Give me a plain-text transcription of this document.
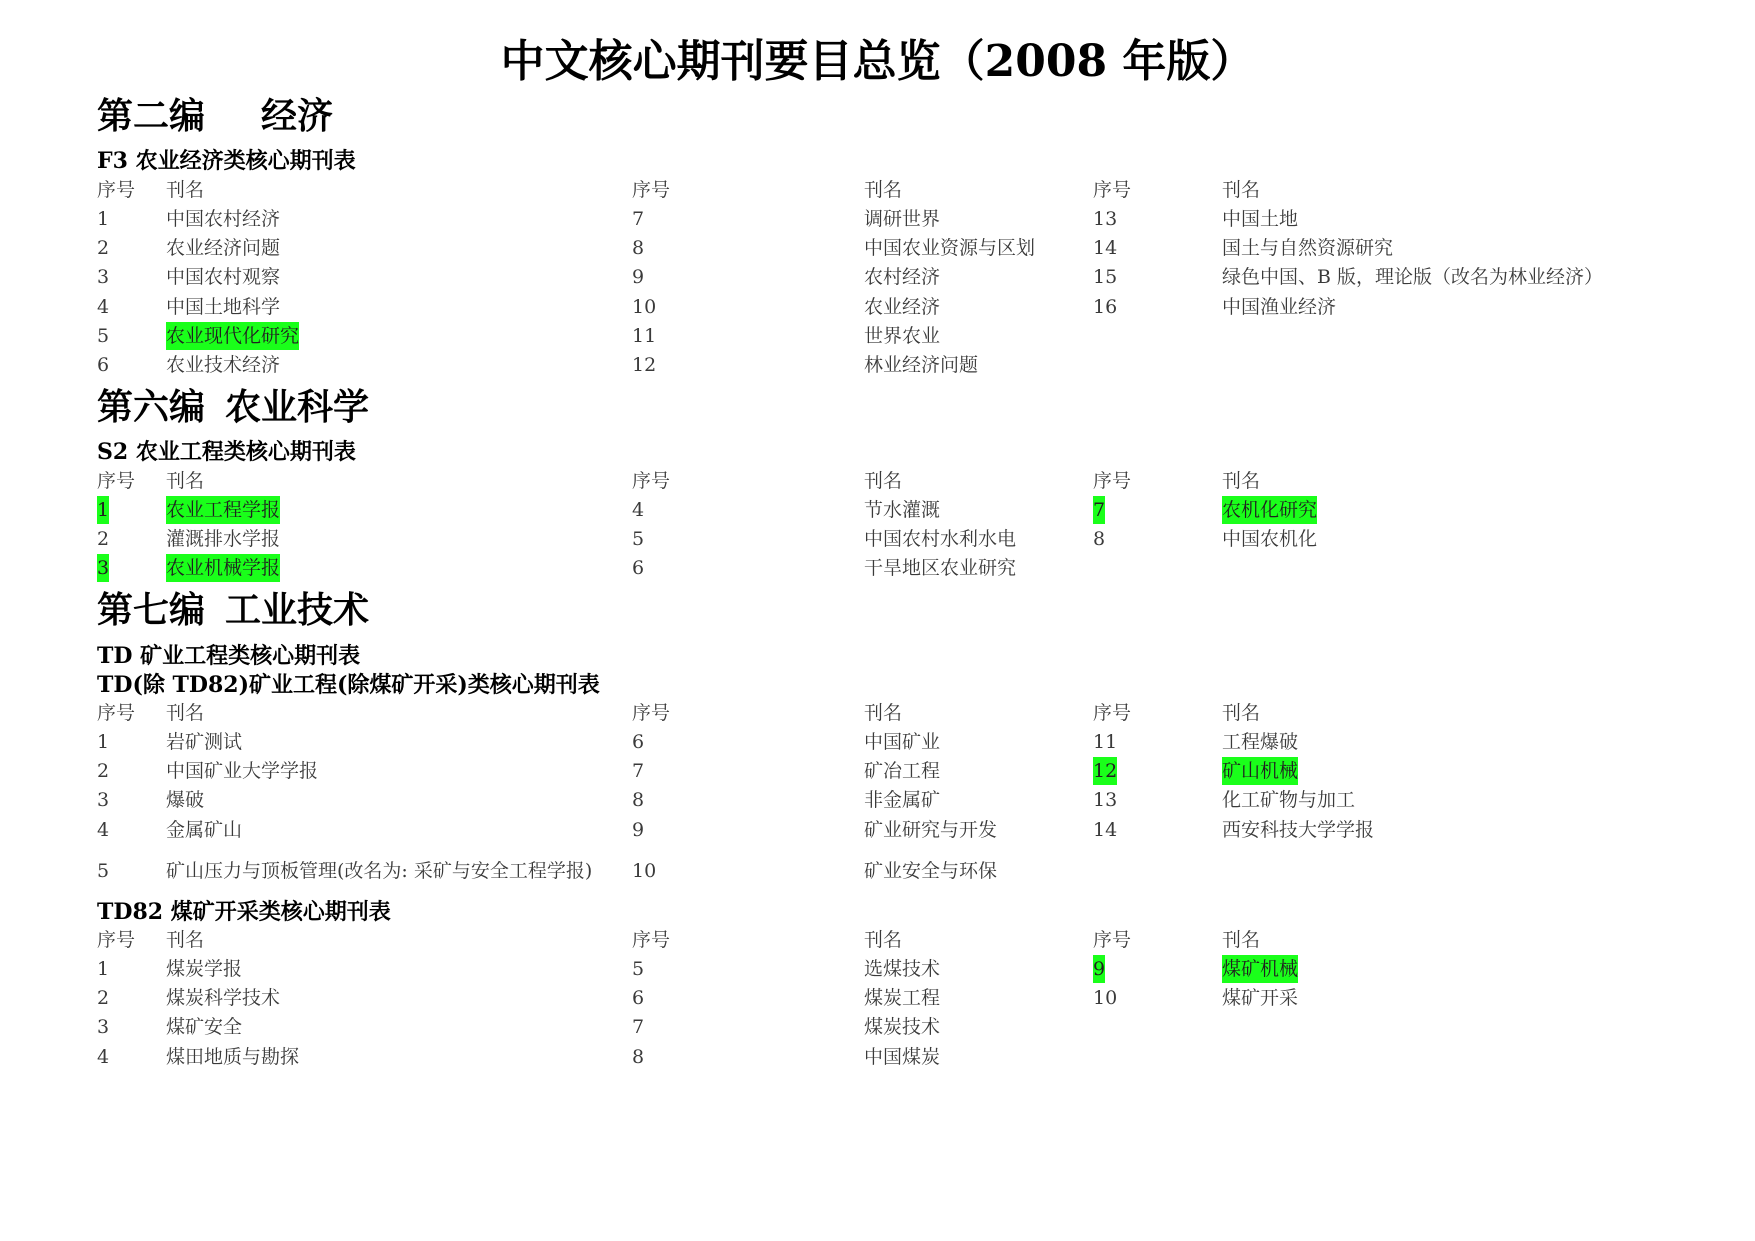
中文核心期刊要目总览（2008 年版）
第二编 经济
F3 农业经济类核心期刊表
序号 刊名	序号	刊名	序号	刊名
1	中国农村经济	7	调研世界	13	中国土地
2	农业经济问题	8	中国农业资源与区划	14	国土与自然资源研究
3	中国农村观察	9	农村经济	15	绿色中国、B 版，理论版（改名为林业经济）
4	中国土地科学	10	农业经济	16	中国渔业经济
5	农业现代化研究	11	世界农业
6	农业技术经济	12	林业经济问题
第六编 农业科学
S2 农业工程类核心期刊表
序号 刊名	序号	刊名	序号	刊名
1	农业工程学报	4	节水灌溉	7	农机化研究
2	灌溉排水学报	5	中国农村水利水电	8	中国农机化
3	农业机械学报	6	干旱地区农业研究
第七编 工业技术
TD 矿业工程类核心期刊表
TD(除 TD82)矿业工程(除煤矿开采)类核心期刊表
序号 刊名	序号	刊名	序号	刊名
1	岩矿测试	6	中国矿业	11	工程爆破
2	中国矿业大学学报	7	矿冶工程	12	矿山机械
3	爆破	8	非金属矿	13	化工矿物与加工
4	金属矿山	9	矿业研究与开发	14	西安科技大学学报
5	矿山压力与顶板管理(改名为: 采矿与安全工程学报) 10	矿业安全与环保
TD82 煤矿开采类核心期刊表
序号 刊名	序号	刊名	序号	刊名
1	煤炭学报	5	选煤技术	9	煤矿机械
2	煤炭科学技术	6	煤炭工程	10	煤矿开采
3	煤矿安全	7	煤炭技术
4	煤田地质与勘探	8	中国煤炭
